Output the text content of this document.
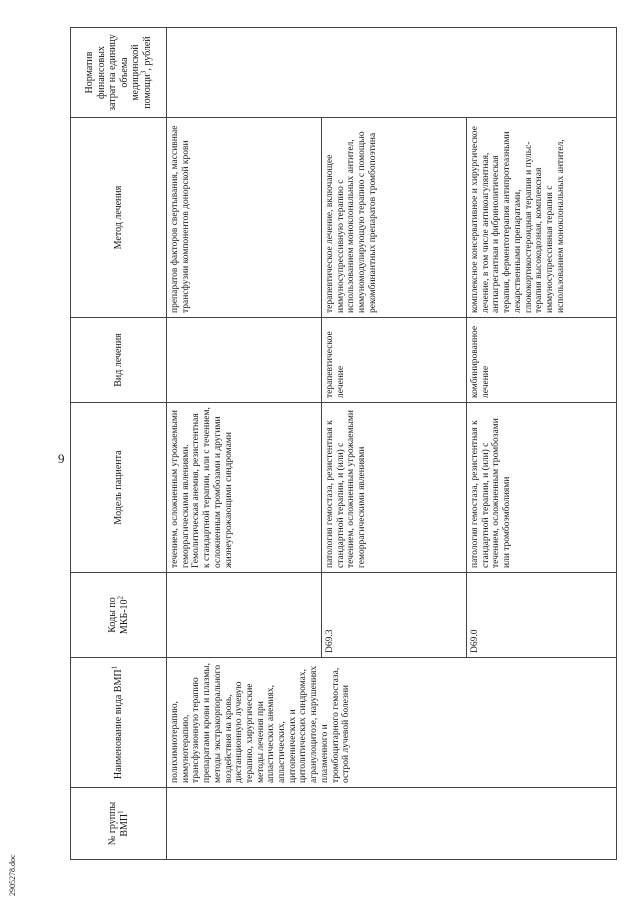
9
№ группы ВМП$^1$	Наименование вида ВМП$^1$	Коды по МКБ-$10^2$	Модель пациента	Вид лечения	Метод лечения	Норматив финансовых затрат на единицу объема медицинской помощи$^3$, рублей
	полихимиотерапию, иммунотерапию, трансфузионную терапию препаратами крови и плазмы, методы экстракорпорального воздействия на кровь, дистанционную лучевую терапию, хирургические методы лечения при апластических анемиях, апластических, цитопенических и цитолитических синдромах, агранулоцитозе, нарушениях плазменного и тромбоцитарного гемостаза, острой лучевой болезни		течением, осложненным угрожаемыми геморрагическими явлениями. Гемолитическая анемия, резистентная к стандартной терапии, или с течением, осложненным тромбозами и другими жизнеугрожающими синдромами		препаратов факторов свертывания, массивные трансфузии компонентов донорской крови	
		D69.3	патология гемостаза, резистентная к стандартной терапии, и (или) с течением, осложненным угрожаемыми геморрагическими явлениями	терапевтическое лечение	терапевтическое лечение, включающее иммуносупрессивную терапию с использованием моноклональных антител, иммуномодулирующую терапию с помощью рекомбинантных препаратов тромбопоэтина	
		D69.0	патология гемостаза, резистентная к стандартной терапии, и (или) с течением, осложненным тромбозами или тромбоэмболиями	комбинированное лечение	комплексное консервативное и хирургическое лечение, в том числе антикоагулянтная, антиагрегантная и фибринолитическая терапия, ферментотерапия антипротеазными лекарственными препаратами, глюкокортикостероидная терапия и пульс-терапия высокодозная, комплексная иммуносупрессивная терапия с использованием моноклональных антител,	
2905278.doc
